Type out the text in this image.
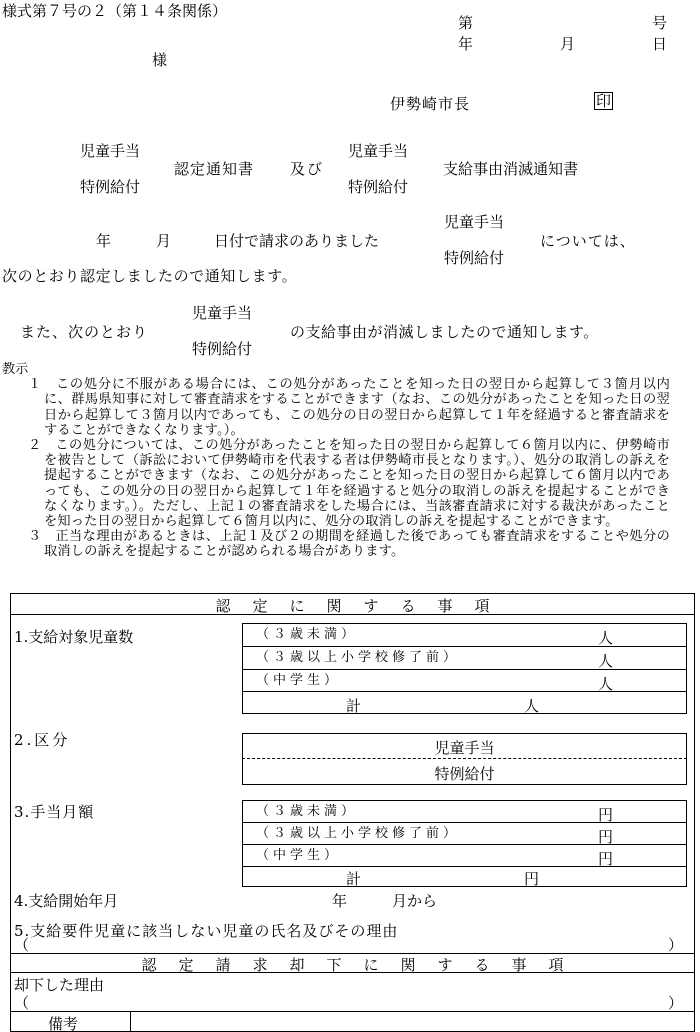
様式第７号の２（第１４条関係）
第	号
年	月	日
様
伊勢崎市長	印
児童手当
特例給付
認定通知書 及び
児童手当
特例給付
支給事由消滅通知書
児童手当
年	月	日付で請求のありました	については、
特例給付
次のとおり認定しましたので通知します。
児童手当
また、次のとおり	の支給事由が消滅しましたので通知します。
特例給付
教示
１　この処分に不服がある場合には、この処分があったことを知った日の翌日から起算して３箇月以内に、群馬県知事に対して審査請求をすることができます（なお、この処分があったことを知った日の翌日から起算して３箇月以内であっても、この処分の日の翌日から起算して１年を経過すると審査請求をすることができなくなります。）。
２　この処分については、この処分があったことを知った日の翌日から起算して６箇月以内に、伊勢崎市を被告として（訴訟において伊勢崎市を代表する者は伊勢崎市長となります。）、処分の取消しの訴えを提起することができます（なお、この処分があったことを知った日の翌日から起算して６箇月以内であっても、この処分の日の翌日から起算して１年を経過すると処分の取消しの訴えを提起することができなくなります。）。ただし、上記１の審査請求をした場合には、当該審査請求に対する裁決があったことを知った日の翌日から起算して６箇月以内に、処分の取消しの訴えを提起することができます。
３　正当な理由があるときは、上記１及び２の期間を経過した後であっても審査請求をすることや処分の取消しの訴えを提起することが認められる場合があります。
認定に関する事項
1.支給対象児童数	（３歳未満）	人
（３歳以上小学校修了前）	人
（中学生）	人
計	人
2.区分	児童手当
特例給付
3.手当月額	（３歳未満）	円
（３歳以上小学校修了前）	円
（中学生）	円
計	円
4.支給開始年月	年	月から
5.支給要件児童に該当しない児童の氏名及びその理由
（	）
認定請求却下に関する事項
却下した理由
（	）
備考
